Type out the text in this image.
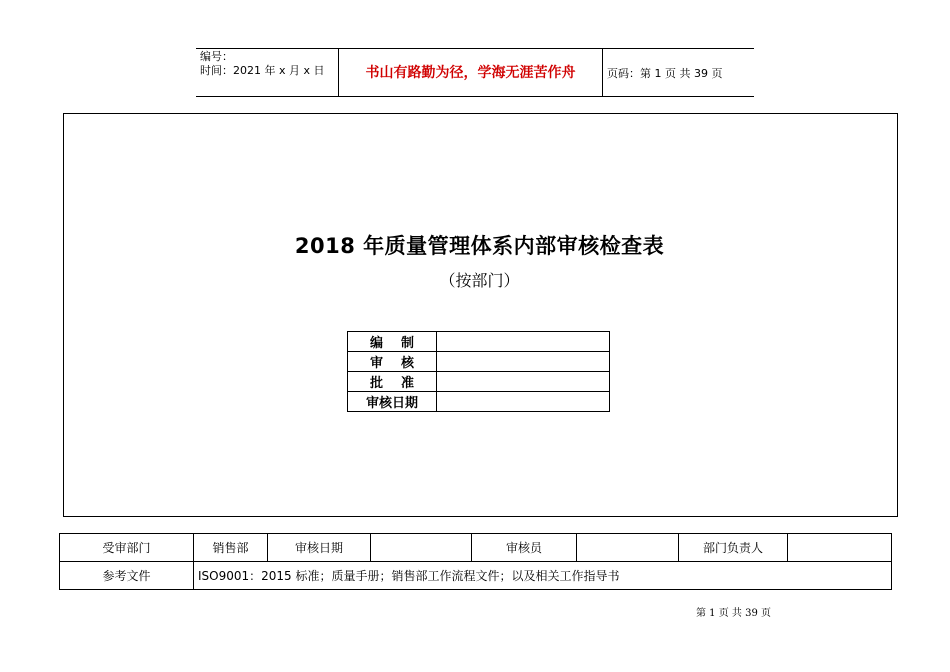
编号：
时间：2021 年 x 月 x 日	书山有路勤为径，学海无涯苦作舟	页码：第 1 页 共 39 页
2018 年质量管理体系内部审核检查表
（按部门）
编    制	
审    核	
批    准	
审核日期	
受审部门	销售部	审核日期		审核员		部门负责人	
参考文件	ISO9001：2015 标准；质量手册；销售部工作流程文件；以及相关工作指导书						
第 1 页 共 39 页
